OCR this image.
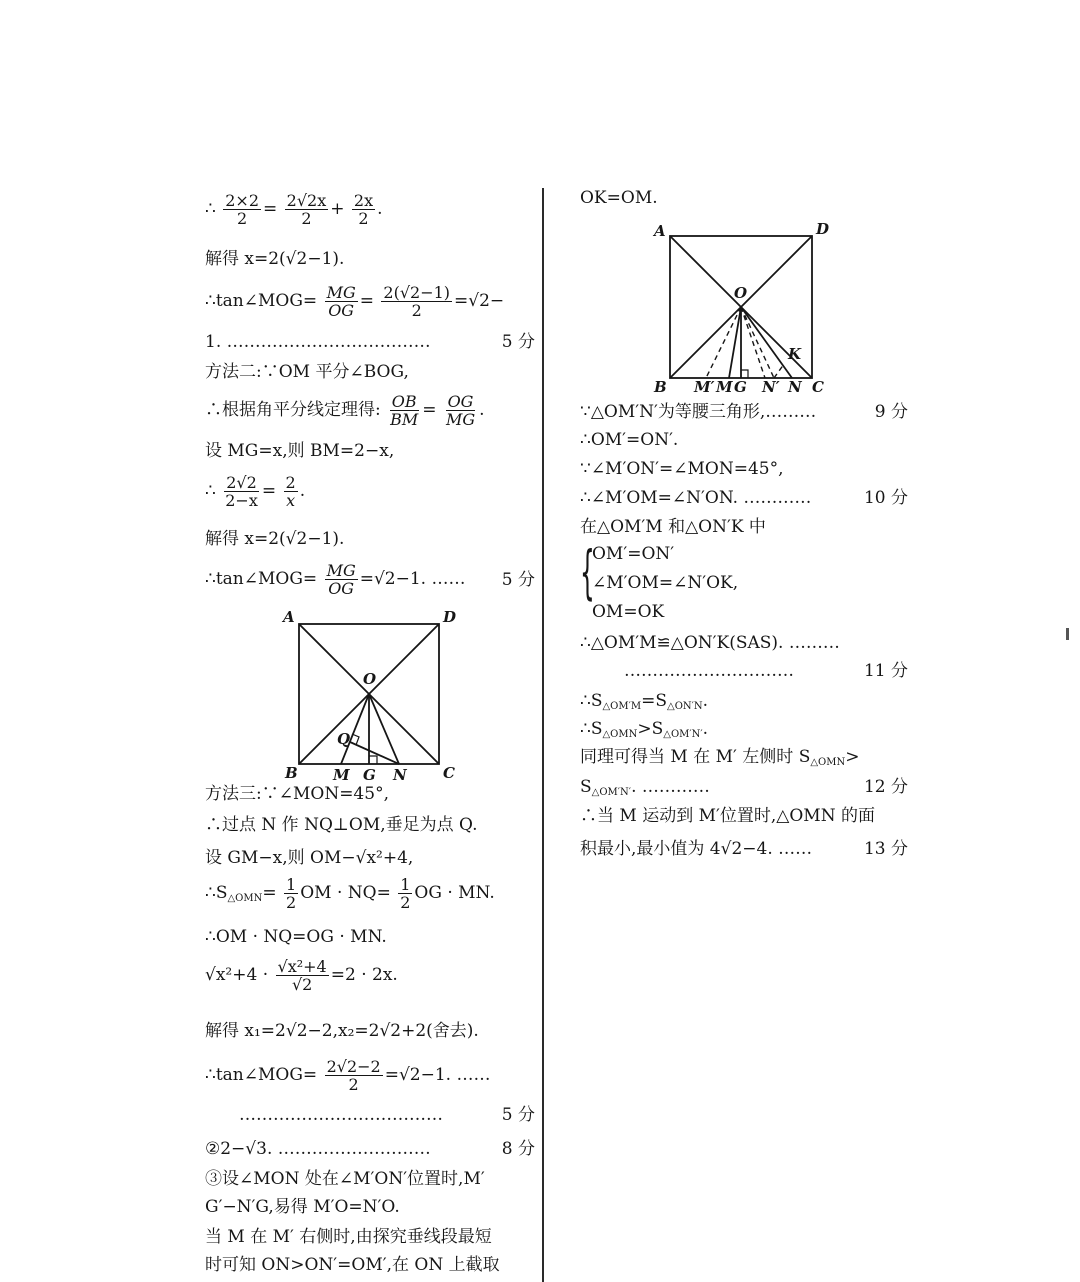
∴ $\frac{2\times 2}{2} = \frac{2√2x}{2} + \frac{2x}{2}$ .
解得 x=2(√2−1).
∴tan∠MOG= $\frac{MG}{OG} = \frac{2(√2-1)}{2} =√2-$
1. ………………………………	5 分
方法二:∵OM 平分∠BOG,
∴根据角平分线定理得: $\frac{OB}{BM} = \frac{OG}{MG}$ .
设 MG=x,则 BM=2−x,
∴ $\frac{2√2}{2-x} = \frac{2}{x}$ .
解得 x=2(√2−1).
∴tan∠MOG= $\frac{MG}{OG} =√2-1$. …… 5 分
A	D
O
Q
B M G N C
方法三:∵∠MON=45°,
∴过点 N 作 NQ⊥OM,垂足为点 Q.
设 GM−x,则 OM−√x²+4,
$\therefore S_{\triangle OMN}= \frac{1}{2}$ OM · $NQ= \frac{1}{2}$ OG · MN.
∴OM · NQ=OG · MN.
$√x^2+4 \cdot \frac{\text{√x²+4}}{√2} =2 \cdot 2x$.
解得 x₁=2√2−2,x₂=2√2+2(舍去).
∴tan∠MOG= $\frac{2√2-2}{2} =√2-1$. ……
………………………………	5 分
②2−√3. ………………………	8 分
③设∠MON 处在∠M′ON′位置时,M′
G′−N′G,易得 M′O=N′O.
当 M 在 M′ 右侧时,由探究垂线段最短
时可知 ON>ON′=OM′,在 ON 上截取
OK=OM.
A	D
O
K
B M′ M G N′ N C
∵△OM′N′为等腰三角形,………	9 分
∴OM′=ON′.
∵∠M′ON′=∠MON=45°,
∴∠M′OM=∠N′ON. …………	10 分
在△OM′M 和△ON′K 中
{
OM′=ON′
∠M′OM=∠N′OK,
OM=OK
∴△OM′M≌△ON′K(SAS). ………
…………………………	11 分
$\therefore S_{\triangle OM'M}=S_{\triangle ON'N}$.
$\therefore S_{\triangle OMN}>S_{\triangle OM'N'}$.
同理可得当 M 在 M′ 左侧时 $S_{\triangle OMN}>$
$S_{\triangle OM'N'}$. …………	12 分
∴当 M 运动到 M′位置时,△OMN 的面
积最小,最小值为 4√2−4. ……	13 分
